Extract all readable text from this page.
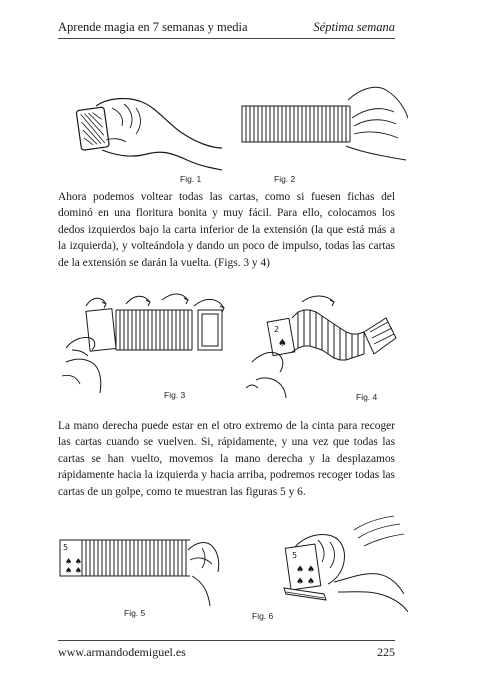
Aprende magia en 7 semanas y media	Séptima semana
Fig. 1	Fig. 2
Ahora podemos voltear todas las cartas, como si fuesen fichas del dominó en una floritura bonita y muy fácil. Para ello, colocamos los dedos izquierdos bajo la carta inferior de la extensión (la que está más a la izquierda), y volteándola y dando un poco de impulso, todas las cartas de la extensión se darán la vuelta. (Figs. 3 y 4)
Fig. 3
2
♠
Fig. 4
La mano derecha puede estar en el otro extremo de la cinta para recoger las cartas cuando se vuelven. Si, rápidamente, y una vez que todas las cartas se han vuelto, movemos la mano derecha y la desplazamos rápidamente hacia la izquierda y hacia arriba, podremos recoger todas las cartas de un golpe, como te muestran las figuras 5 y 6.
5
♠ ♠
♠ ♠
Fig. 5
5
♠ ♠
♠ ♠
Fig. 6
www.armandodemiguel.es	225
